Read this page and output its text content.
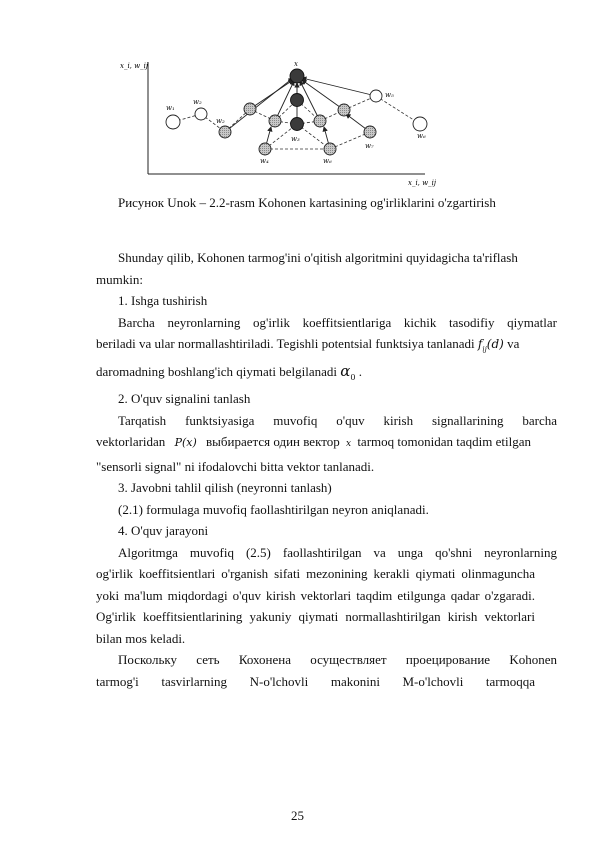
x_i, w_ij
x_i, w_ij
x
w₁
w₂
w₂
w₃
w₄
w₅
w₆
w₆
w₇
Рисунок Unok – 2.2-rasm Kohonen kartasining og'irliklarini o'zgartirish
Shunday qilib, Kohonen tarmog'ini o'qitish algoritmini quyidagicha ta'riflash
mumkin:
1. Ishga tushirish
Barcha neyronlarning og'irlik koeffitsientlariga kichik tasodifiy qiymatlar
beriladi va ular normallashtiriladi. Tegishli potentsial funktsiya tanlanadi $f_{ij}(d)$ va
daromadning boshlang'ich qiymati belgilanadi $\alpha_0$ .
2. O'quv signalini tanlash
Tarqatish funktsiyasiga muvofiq o'quv kirish signallarining barcha
vektorlaridan P(x) выбирается один вектор x tarmoq tomonidan taqdim etilgan
"sensorli signal" ni ifodalovchi bitta vektor tanlanadi.
3. Javobni tahlil qilish (neyronni tanlash)
(2.1) formulaga muvofiq faollashtirilgan neyron aniqlanadi.
4. O'quv jarayoni
Algoritmga muvofiq (2.5) faollashtirilgan va unga qo'shni neyronlarning
og'irlik koeffitsientlari o'rganish sifati mezonining kerakli qiymati olinmaguncha
yoki ma'lum miqdordagi o'quv kirish vektorlari taqdim etilgunga qadar o'zgaradi.
Og'irlik koeffitsientlarining yakuniy qiymati normallashtirilgan kirish vektorlari
bilan mos keladi.
Поскольку сеть Кохонена осуществляет проецирование Kohonen
tarmog'i tasvirlarning N-o'lchovli makonini M-o'lchovli tarmoqqa
25
